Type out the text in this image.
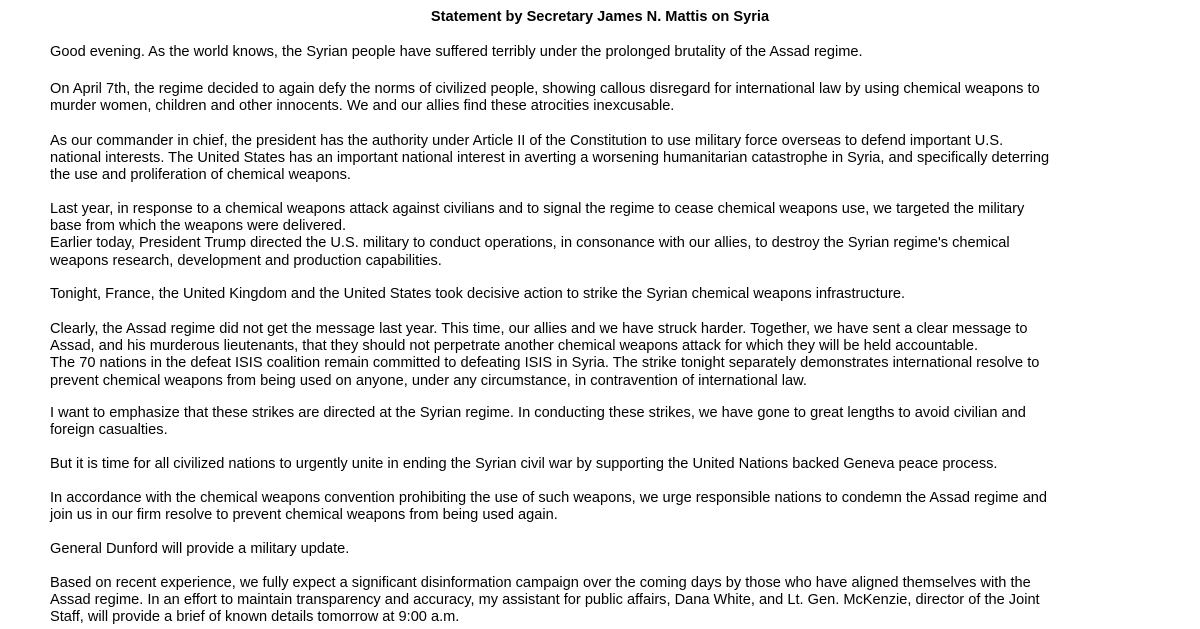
Statement by Secretary James N. Mattis on Syria

Good evening. As the world knows, the Syrian people have suffered terribly under the prolonged brutality of the Assad regime.

On April 7th, the regime decided to again defy the norms of civilized people, showing callous disregard for international law by using chemical weapons to
murder women, children and other innocents. We and our allies find these atrocities inexcusable.

As our commander in chief, the president has the authority under Article II of the Constitution to use military force overseas to defend important U.S.
national interests. The United States has an important national interest in averting a worsening humanitarian catastrophe in Syria, and specifically deterring
the use and proliferation of chemical weapons.

Last year, in response to a chemical weapons attack against civilians and to signal the regime to cease chemical weapons use, we targeted the military
base from which the weapons were delivered.
Earlier today, President Trump directed the U.S. military to conduct operations, in consonance with our allies, to destroy the Syrian regime's chemical
weapons research, development and production capabilities.

Tonight, France, the United Kingdom and the United States took decisive action to strike the Syrian chemical weapons infrastructure.

Clearly, the Assad regime did not get the message last year. This time, our allies and we have struck harder. Together, we have sent a clear message to
Assad, and his murderous lieutenants, that they should not perpetrate another chemical weapons attack for which they will be held accountable.
The 70 nations in the defeat ISIS coalition remain committed to defeating ISIS in Syria. The strike tonight separately demonstrates international resolve to
prevent chemical weapons from being used on anyone, under any circumstance, in contravention of international law.

I want to emphasize that these strikes are directed at the Syrian regime. In conducting these strikes, we have gone to great lengths to avoid civilian and
foreign casualties.

But it is time for all civilized nations to urgently unite in ending the Syrian civil war by supporting the United Nations backed Geneva peace process.

In accordance with the chemical weapons convention prohibiting the use of such weapons, we urge responsible nations to condemn the Assad regime and
join us in our firm resolve to prevent chemical weapons from being used again.

General Dunford will provide a military update.

Based on recent experience, we fully expect a significant disinformation campaign over the coming days by those who have aligned themselves with the
Assad regime. In an effort to maintain transparency and accuracy, my assistant for public affairs, Dana White, and Lt. Gen. McKenzie, director of the Joint
Staff, will provide a brief of known details tomorrow at 9:00 a.m.
